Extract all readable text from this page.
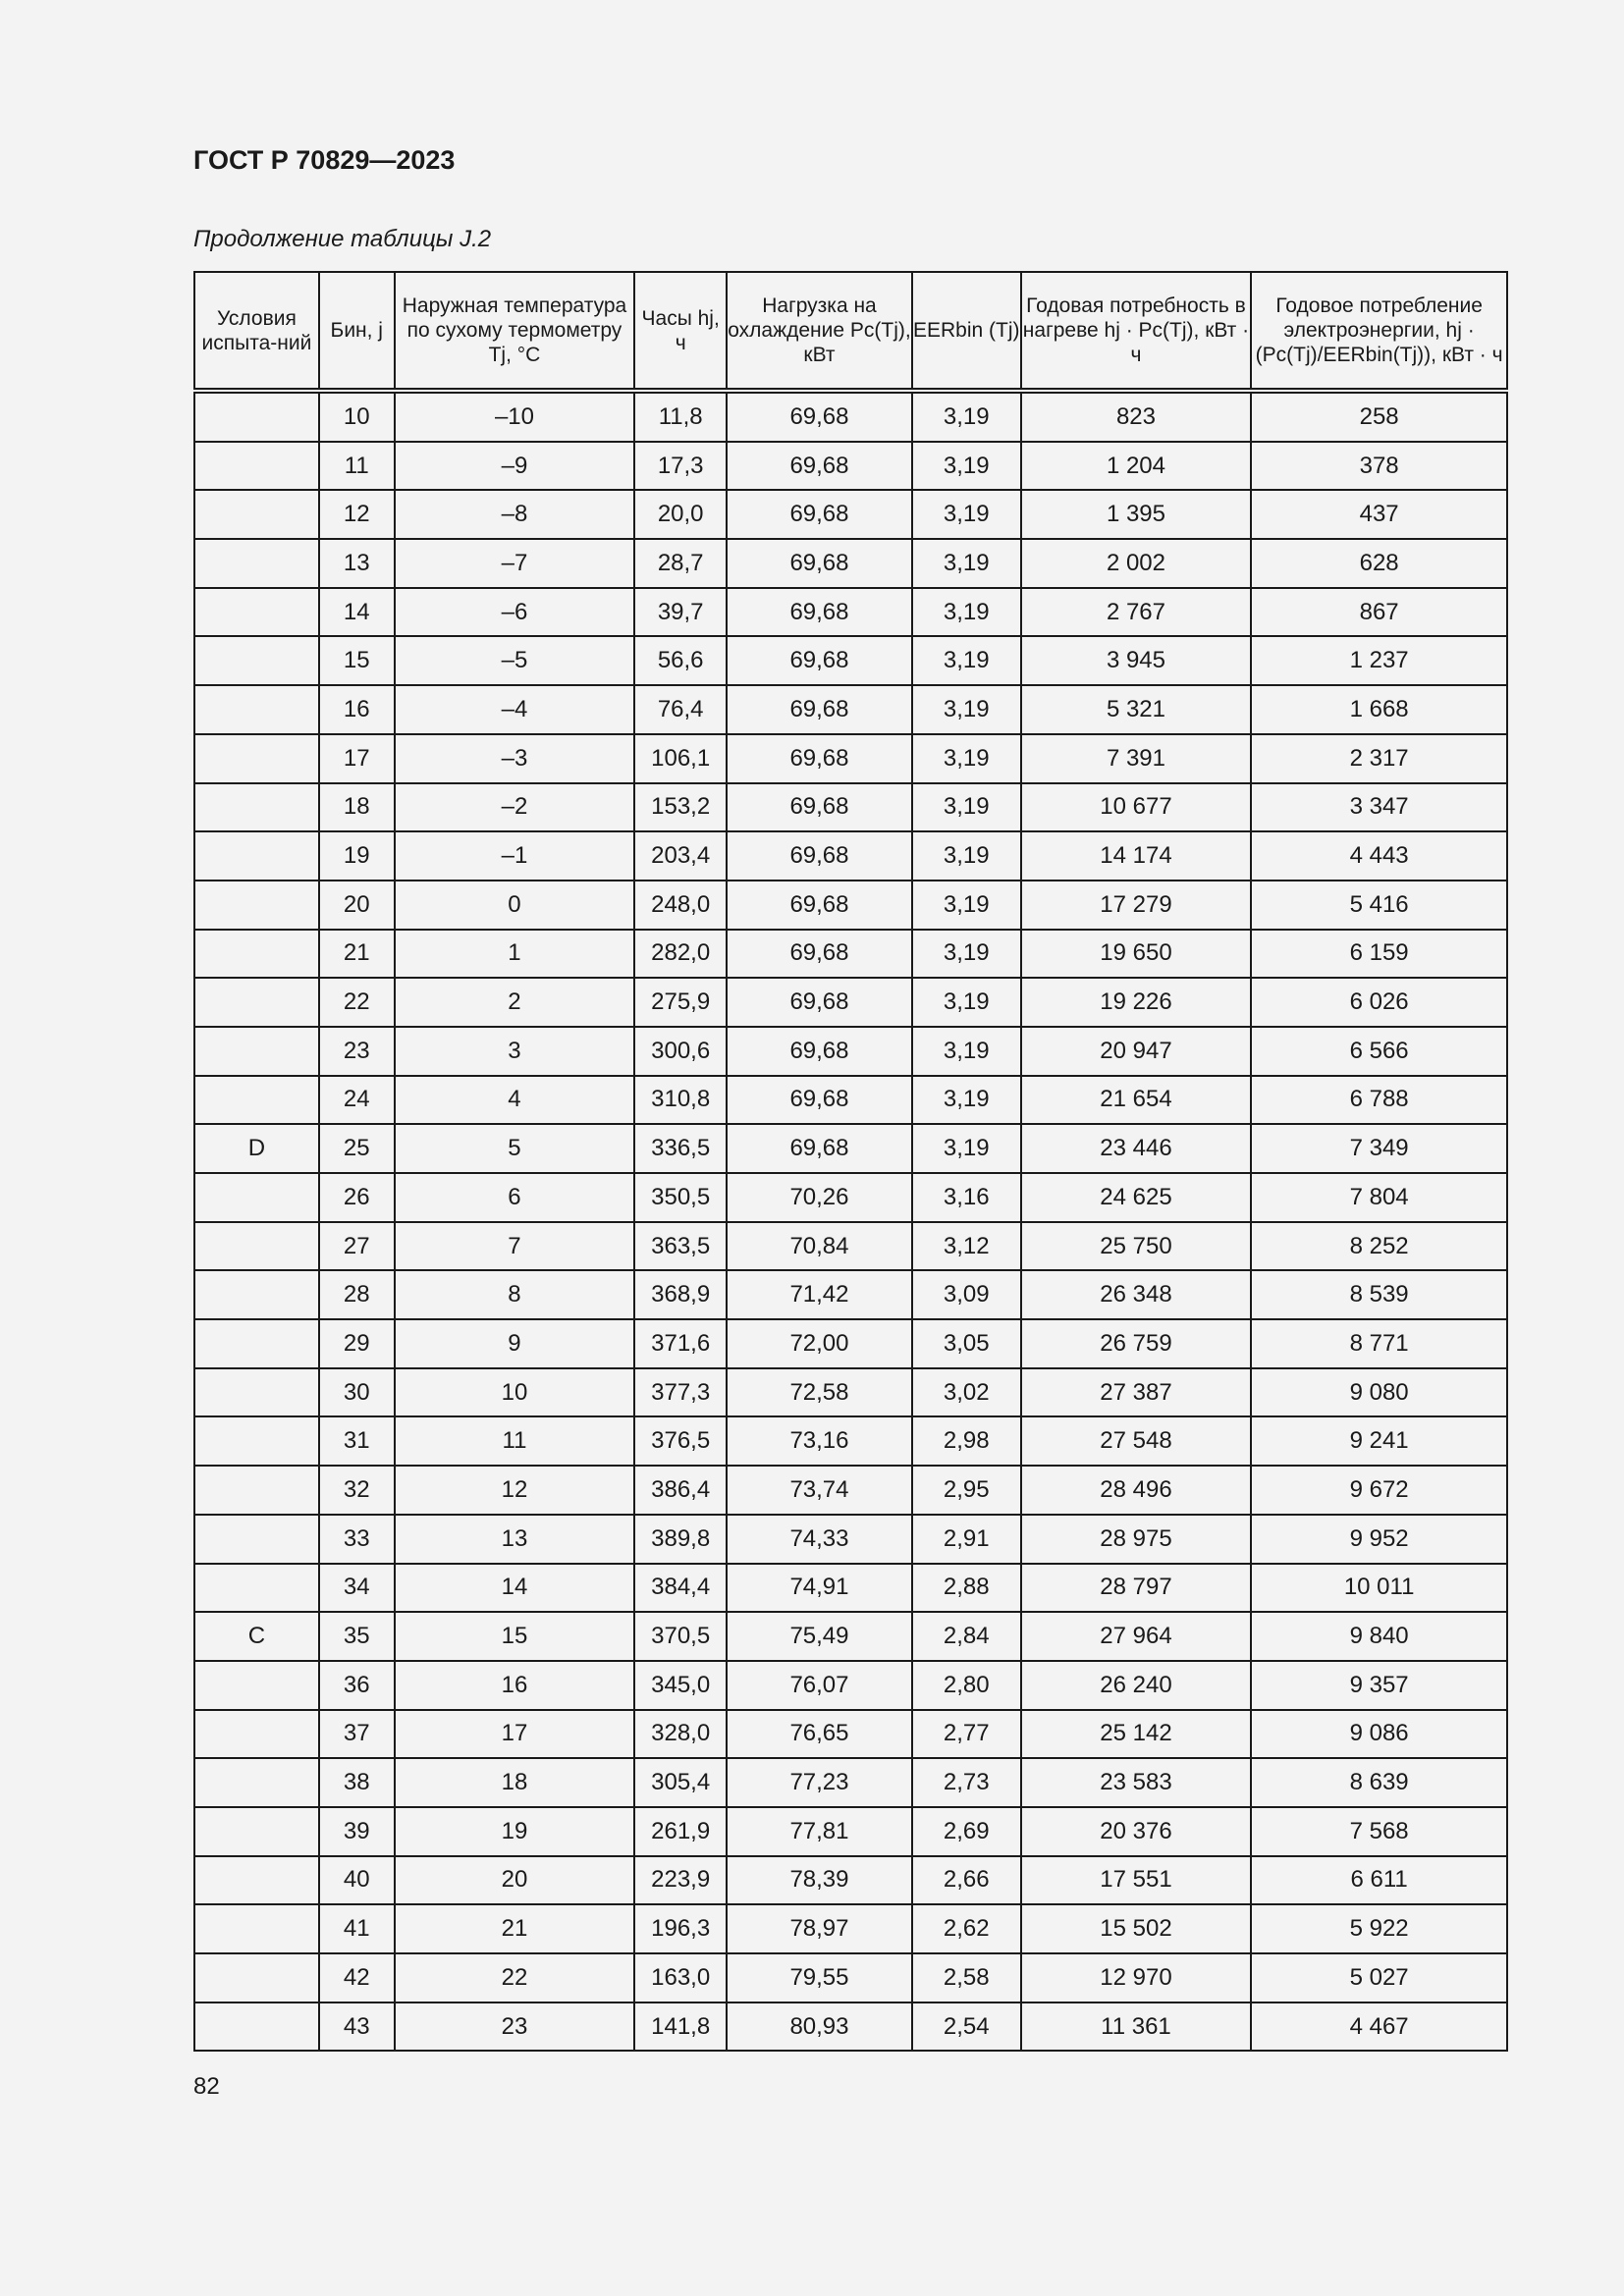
ГОСТ Р 70829—2023
Продолжение таблицы J.2
Условия испыта-ний	Бин, j	Наружная температура по сухому термометру Tj, °C	Часы hj, ч	Нагрузка на охлаждение Pc(Tj), кВт	EERbin (Tj)	Годовая потребность в нагреве hj · Pc(Tj), кВт · ч	Годовое потребление электроэнергии, hj · (Pc(Tj)/EERbin(Tj)), кВт · ч
	10	–10	11,8	69,68	3,19	823	258
	11	–9	17,3	69,68	3,19	1 204	378
	12	–8	20,0	69,68	3,19	1 395	437
	13	–7	28,7	69,68	3,19	2 002	628
	14	–6	39,7	69,68	3,19	2 767	867
	15	–5	56,6	69,68	3,19	3 945	1 237
	16	–4	76,4	69,68	3,19	5 321	1 668
	17	–3	106,1	69,68	3,19	7 391	2 317
	18	–2	153,2	69,68	3,19	10 677	3 347
	19	–1	203,4	69,68	3,19	14 174	4 443
	20	0	248,0	69,68	3,19	17 279	5 416
	21	1	282,0	69,68	3,19	19 650	6 159
	22	2	275,9	69,68	3,19	19 226	6 026
	23	3	300,6	69,68	3,19	20 947	6 566
	24	4	310,8	69,68	3,19	21 654	6 788
D	25	5	336,5	69,68	3,19	23 446	7 349
	26	6	350,5	70,26	3,16	24 625	7 804
	27	7	363,5	70,84	3,12	25 750	8 252
	28	8	368,9	71,42	3,09	26 348	8 539
	29	9	371,6	72,00	3,05	26 759	8 771
	30	10	377,3	72,58	3,02	27 387	9 080
	31	11	376,5	73,16	2,98	27 548	9 241
	32	12	386,4	73,74	2,95	28 496	9 672
	33	13	389,8	74,33	2,91	28 975	9 952
	34	14	384,4	74,91	2,88	28 797	10 011
C	35	15	370,5	75,49	2,84	27 964	9 840
	36	16	345,0	76,07	2,80	26 240	9 357
	37	17	328,0	76,65	2,77	25 142	9 086
	38	18	305,4	77,23	2,73	23 583	8 639
	39	19	261,9	77,81	2,69	20 376	7 568
	40	20	223,9	78,39	2,66	17 551	6 611
	41	21	196,3	78,97	2,62	15 502	5 922
	42	22	163,0	79,55	2,58	12 970	5 027
	43	23	141,8	80,93	2,54	11 361	4 467
82
